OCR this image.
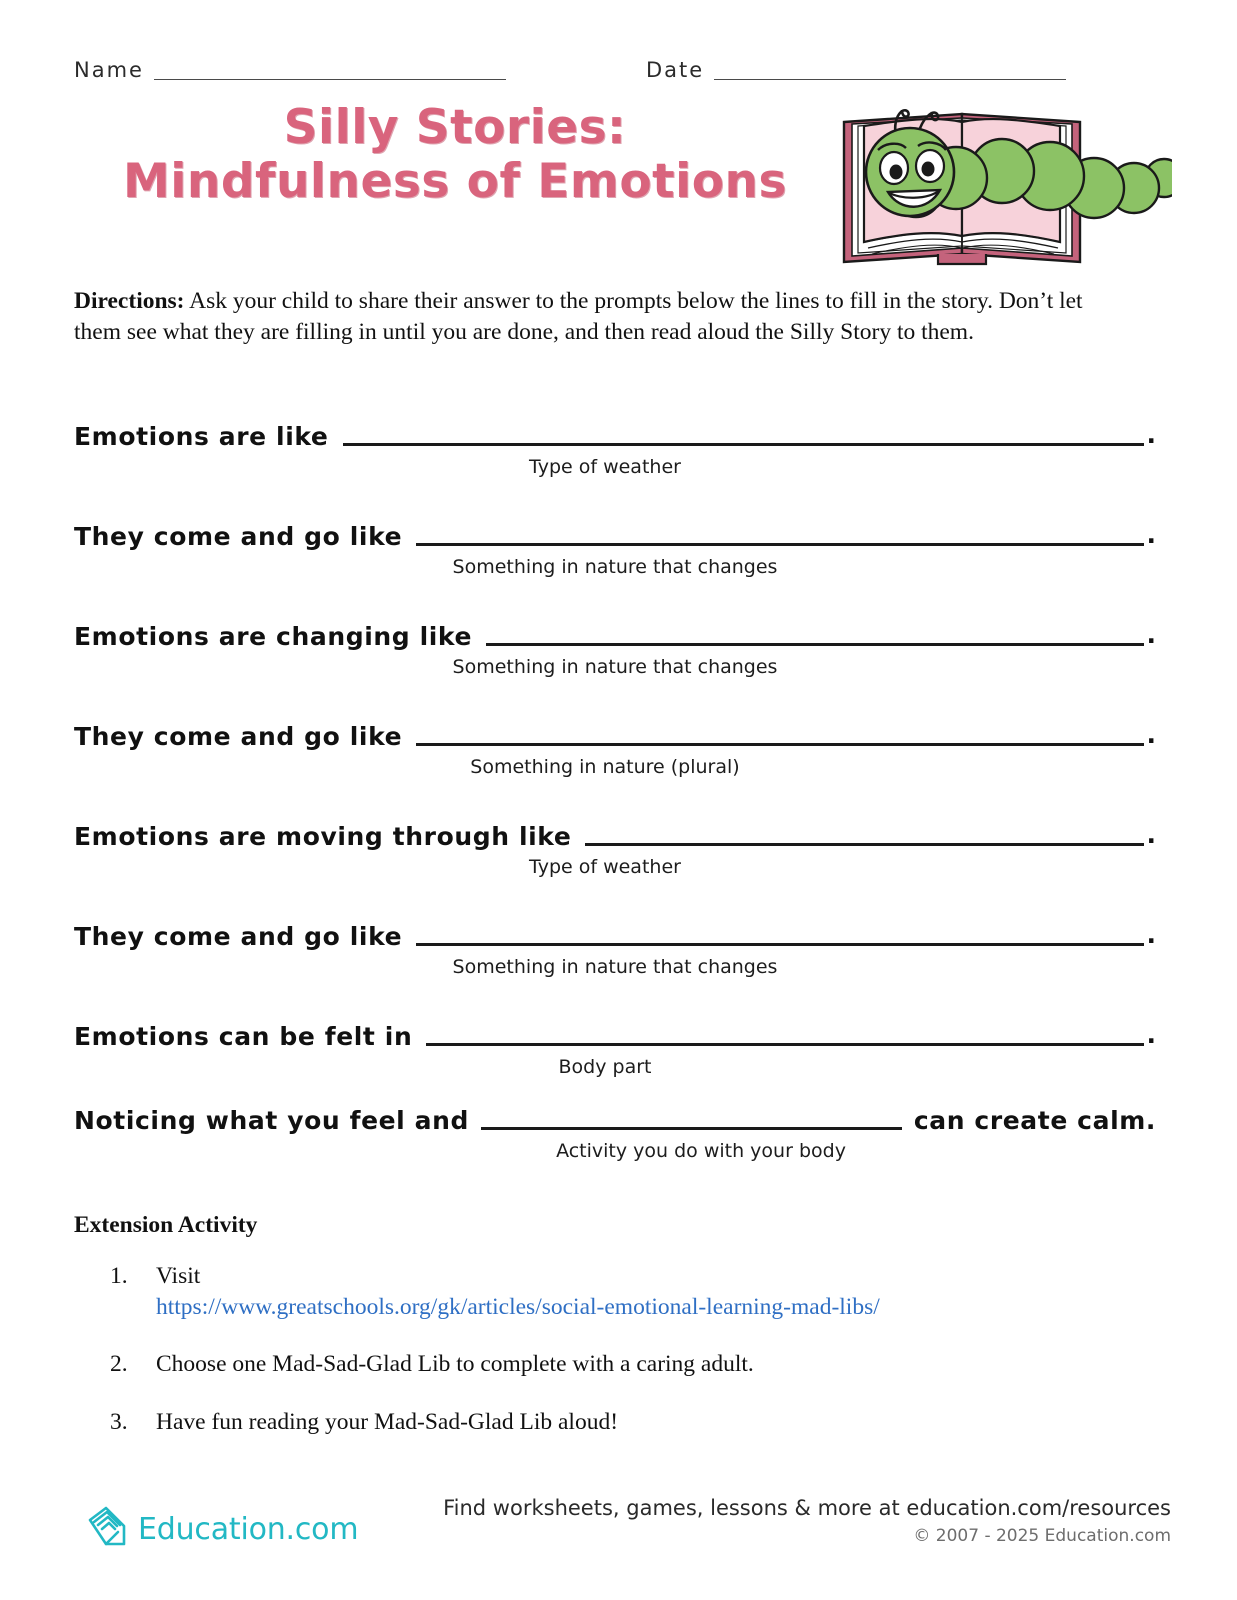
Name	Date
Silly Stories:
Mindfulness of Emotions
Directions: Ask your child to share their answer to the prompts below the lines to fill in the story. Don’t let them see what they are filling in until you are done, and then read aloud the Silly Story to them.
Emotions are like	.
Type of weather
They come and go like	.
Something in nature that changes
Emotions are changing like	.
Something in nature that changes
They come and go like	.
Something in nature (plural)
Emotions are moving through like	.
Type of weather
They come and go like	.
Something in nature that changes
Emotions can be felt in	.
Body part
Noticing what you feel and	can create calm.
Activity you do with your body
Extension Activity
1.	Visit
https://www.greatschools.org/gk/articles/social-emotional-learning-mad-libs/
2.	Choose one Mad-Sad-Glad Lib to complete with a caring adult.
3.	Have fun reading your Mad-Sad-Glad Lib aloud!
Education.com
Find worksheets, games, lessons & more at education.com/resources
© 2007 - 2025 Education.com
